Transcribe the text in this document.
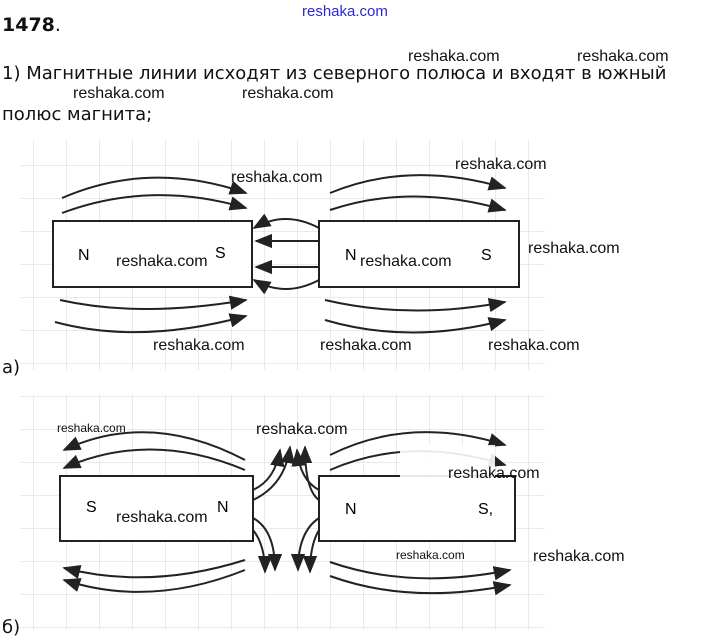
N	S	N	S
S	N	N	S,
reshaka.com
1478.
1) Магнитные линии исходят из северного полюса и входят в южный
полюс магнита;
а)
б)
reshaka.com	reshaka.com
reshaka.com	reshaka.com
reshaka.com
reshaka.com
reshaka.com
reshaka.com	reshaka.com
reshaka.com	reshaka.com	reshaka.com
reshaka.com	reshaka.com
reshaka.com
reshaka.com
reshaka.com	reshaka.com
